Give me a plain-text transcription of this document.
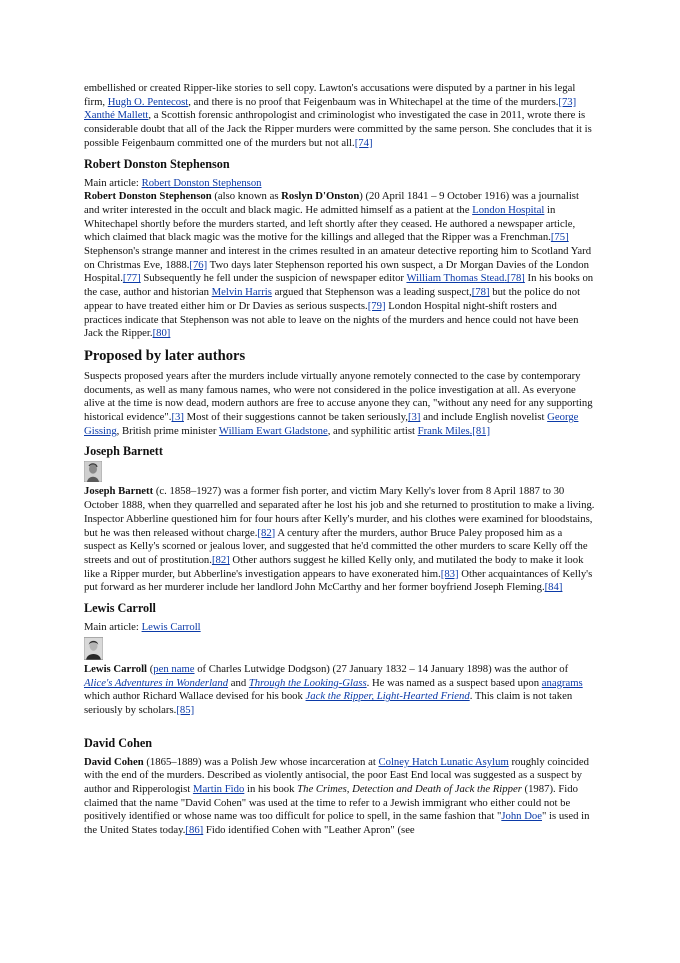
embellished or created Ripper-like stories to sell copy. Lawton's accusations were disputed by a partner in his legal firm, Hugh O. Pentecost, and there is no proof that Feigenbaum was in Whitechapel at the time of the murders.[73] Xanthé Mallett, a Scottish forensic anthropologist and criminologist who investigated the case in 2011, wrote there is considerable doubt that all of the Jack the Ripper murders were committed by the same person. She concludes that it is possible Feigenbaum committed one of the murders but not all.[74]

Robert Donston Stephenson

Main article: Robert Donston Stephenson

Robert Donston Stephenson (also known as Roslyn D'Onston) (20 April 1841 – 9 October 1916) was a journalist and writer interested in the occult and black magic. He admitted himself as a patient at the London Hospital in Whitechapel shortly before the murders started, and left shortly after they ceased. He authored a newspaper article, which claimed that black magic was the motive for the killings and alleged that the Ripper was a Frenchman.[75] Stephenson's strange manner and interest in the crimes resulted in an amateur detective reporting him to Scotland Yard on Christmas Eve, 1888.[76] Two days later Stephenson reported his own suspect, a Dr Morgan Davies of the London Hospital.[77] Subsequently he fell under the suspicion of newspaper editor William Thomas Stead.[78] In his books on the case, author and historian Melvin Harris argued that Stephenson was a leading suspect,[78] but the police do not appear to have treated either him or Dr Davies as serious suspects.[79] London Hospital night-shift rosters and practices indicate that Stephenson was not able to leave on the nights of the murders and hence could not have been Jack the Ripper.[80]

Proposed by later authors

Suspects proposed years after the murders include virtually anyone remotely connected to the case by contemporary documents, as well as many famous names, who were not considered in the police investigation at all. As everyone alive at the time is now dead, modern authors are free to accuse anyone they can, "without any need for any supporting historical evidence".[3] Most of their suggestions cannot be taken seriously,[3] and include English novelist George Gissing, British prime minister William Ewart Gladstone, and syphilitic artist Frank Miles.[81]

Joseph Barnett

Joseph Barnett (c. 1858–1927) was a former fish porter, and victim Mary Kelly's lover from 8 April 1887 to 30 October 1888, when they quarrelled and separated after he lost his job and she returned to prostitution to make a living. Inspector Abberline questioned him for four hours after Kelly's murder, and his clothes were examined for bloodstains, but he was then released without charge.[82] A century after the murders, author Bruce Paley proposed him as a suspect as Kelly's scorned or jealous lover, and suggested that he'd committed the other murders to scare Kelly off the streets and out of prostitution.[82] Other authors suggest he killed Kelly only, and mutilated the body to make it look like a Ripper murder, but Abberline's investigation appears to have exonerated him.[83] Other acquaintances of Kelly's put forward as her murderer include her landlord John McCarthy and her former boyfriend Joseph Fleming.[84]

Lewis Carroll

Main article: Lewis Carroll

Lewis Carroll (pen name of Charles Lutwidge Dodgson) (27 January 1832 – 14 January 1898) was the author of Alice's Adventures in Wonderland and Through the Looking-Glass. He was named as a suspect based upon anagrams which author Richard Wallace devised for his book Jack the Ripper, Light-Hearted Friend. This claim is not taken seriously by scholars.[85]

David Cohen

David Cohen (1865–1889) was a Polish Jew whose incarceration at Colney Hatch Lunatic Asylum roughly coincided with the end of the murders. Described as violently antisocial, the poor East End local was suggested as a suspect by author and Ripperologist Martin Fido in his book The Crimes, Detection and Death of Jack the Ripper (1987). Fido claimed that the name "David Cohen" was used at the time to refer to a Jewish immigrant who either could not be positively identified or whose name was too difficult for police to spell, in the same fashion that "John Doe" is used in the United States today.[86] Fido identified Cohen with "Leather Apron" (see
